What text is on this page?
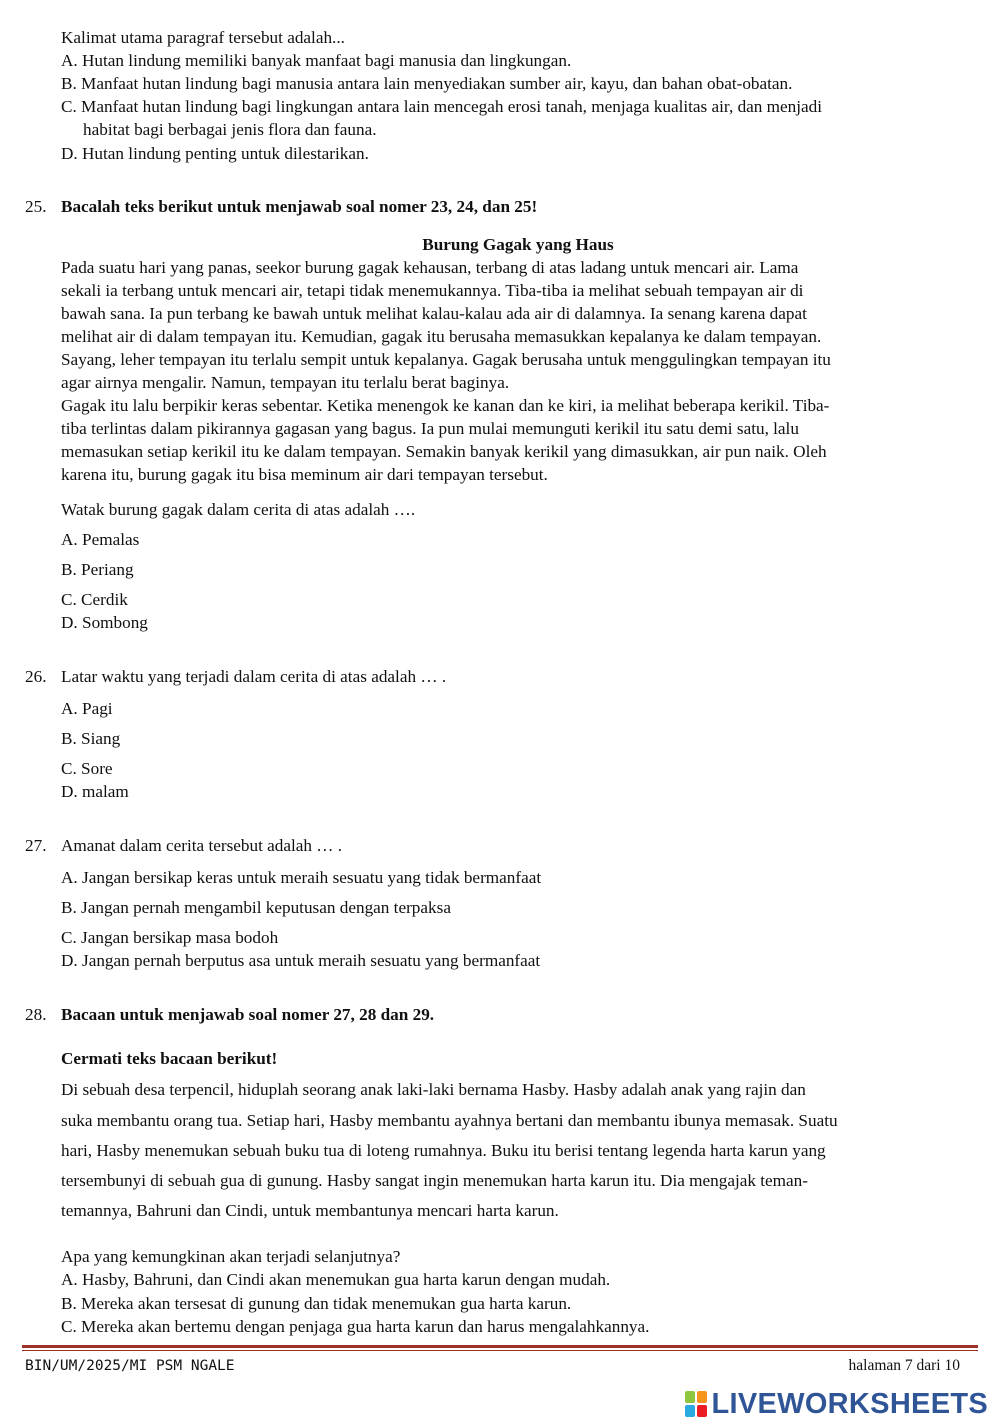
Kalimat utama paragraf tersebut adalah...
A. Hutan lindung memiliki banyak manfaat bagi manusia dan lingkungan.
B. Manfaat hutan lindung bagi manusia antara lain menyediakan sumber air, kayu, dan bahan obat-obatan.
C. Manfaat hutan lindung bagi lingkungan antara lain mencegah erosi tanah, menjaga kualitas air, dan menjadi
habitat bagi berbagai jenis flora dan fauna.
D. Hutan lindung penting untuk dilestarikan.
25. Bacalah teks berikut untuk menjawab soal nomer 23, 24, dan 25!
Burung Gagak yang Haus
Pada suatu hari yang panas, seekor burung gagak kehausan, terbang di atas ladang untuk mencari air. Lama
sekali ia terbang untuk mencari air, tetapi tidak menemukannya. Tiba-tiba ia melihat sebuah tempayan air di
bawah sana. Ia pun terbang ke bawah untuk melihat kalau-kalau ada air di dalamnya. Ia senang karena dapat
melihat air di dalam tempayan itu. Kemudian, gagak itu berusaha memasukkan kepalanya ke dalam tempayan.
Sayang, leher tempayan itu terlalu sempit untuk kepalanya. Gagak berusaha untuk menggulingkan tempayan itu
agar airnya mengalir. Namun, tempayan itu terlalu berat baginya.
Gagak itu lalu berpikir keras sebentar. Ketika menengok ke kanan dan ke kiri, ia melihat beberapa kerikil. Tiba-
tiba terlintas dalam pikirannya gagasan yang bagus. Ia pun mulai memunguti kerikil itu satu demi satu, lalu
memasukan setiap kerikil itu ke dalam tempayan. Semakin banyak kerikil yang dimasukkan, air pun naik. Oleh
karena itu, burung gagak itu bisa meminum air dari tempayan tersebut.
Watak burung gagak dalam cerita di atas adalah ….
A. Pemalas
B. Periang
C. Cerdik
D. Sombong
26. Latar waktu yang terjadi dalam cerita di atas adalah … .
A. Pagi
B. Siang
C. Sore
D. malam
27. Amanat dalam cerita tersebut adalah … .
A. Jangan bersikap keras untuk meraih sesuatu yang tidak bermanfaat
B. Jangan pernah mengambil keputusan dengan terpaksa
C. Jangan bersikap masa bodoh
D. Jangan pernah berputus asa untuk meraih sesuatu yang bermanfaat
28. Bacaan untuk menjawab soal nomer 27, 28 dan 29.
Cermati teks bacaan berikut!
Di sebuah desa terpencil, hiduplah seorang anak laki-laki bernama Hasby. Hasby adalah anak yang rajin dan
suka membantu orang tua. Setiap hari, Hasby membantu ayahnya bertani dan membantu ibunya memasak. Suatu
hari, Hasby menemukan sebuah buku tua di loteng rumahnya. Buku itu berisi tentang legenda harta karun yang
tersembunyi di sebuah gua di gunung. Hasby sangat ingin menemukan harta karun itu. Dia mengajak teman-
temannya, Bahruni dan Cindi, untuk membantunya mencari harta karun.
Apa yang kemungkinan akan terjadi selanjutnya?
A. Hasby, Bahruni, dan Cindi akan menemukan gua harta karun dengan mudah.
B. Mereka akan tersesat di gunung dan tidak menemukan gua harta karun.
C. Mereka akan bertemu dengan penjaga gua harta karun dan harus mengalahkannya.
BIN/UM/2025/MI PSM NGALE	halaman 7 dari 10
LIVEWORKSHEETS
